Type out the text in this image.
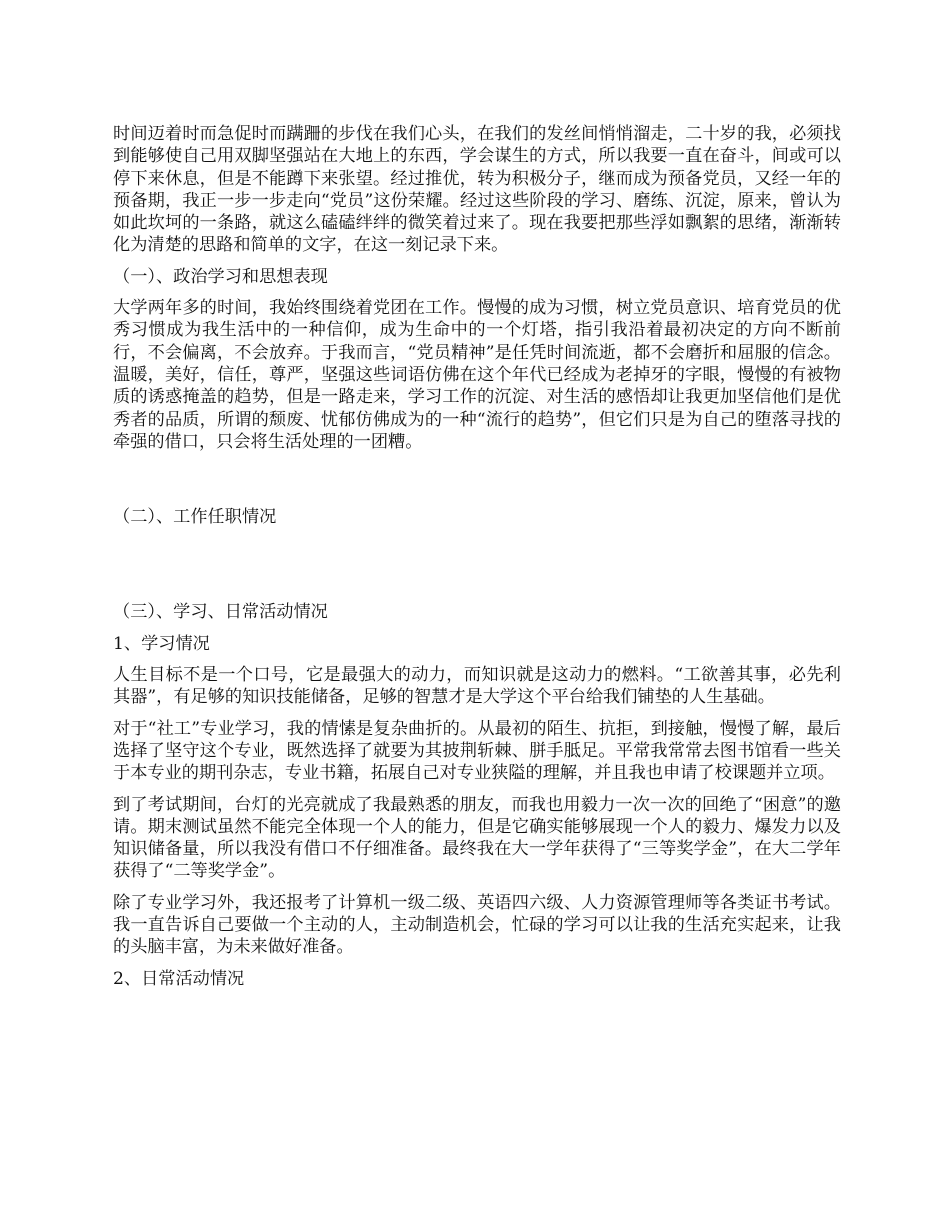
时间迈着时而急促时而蹒跚的步伐在我们心头，在我们的发丝间悄悄溜走，二十岁的我，必须找到能够使自己用双脚坚强站在大地上的东西，学会谋生的方式，所以我要一直在奋斗，间或可以停下来休息，但是不能蹲下来张望。经过推优，转为积极分子，继而成为预备党员，又经一年的预备期，我正一步一步走向“党员”这份荣耀。经过这些阶段的学习、磨练、沉淀，原来，曾认为如此坎坷的一条路，就这么磕磕绊绊的微笑着过来了。现在我要把那些浮如飘絮的思绪，渐渐转化为清楚的思路和简单的文字，在这一刻记录下来。

（一）、政治学习和思想表现

大学两年多的时间，我始终围绕着党团在工作。慢慢的成为习惯，树立党员意识、培育党员的优秀习惯成为我生活中的一种信仰，成为生命中的一个灯塔，指引我沿着最初决定的方向不断前行，不会偏离，不会放弃。于我而言，“党员精神”是任凭时间流逝，都不会磨折和屈服的信念。温暖，美好，信任，尊严，坚强这些词语仿佛在这个年代已经成为老掉牙的字眼，慢慢的有被物质的诱惑掩盖的趋势，但是一路走来，学习工作的沉淀、对生活的感悟却让我更加坚信他们是优秀者的品质，所谓的颓废、忧郁仿佛成为的一种“流行的趋势”，但它们只是为自己的堕落寻找的牵强的借口，只会将生活处理的一团糟。

（二）、工作任职情况

（三）、学习、日常活动情况

1、学习情况

人生目标不是一个口号，它是最强大的动力，而知识就是这动力的燃料。“工欲善其事，必先利其器”，有足够的知识技能储备，足够的智慧才是大学这个平台给我们铺垫的人生基础。

对于“社工”专业学习，我的情愫是复杂曲折的。从最初的陌生、抗拒，到接触，慢慢了解，最后选择了坚守这个专业，既然选择了就要为其披荆斩棘、胼手胝足。平常我常常去图书馆看一些关于本专业的期刊杂志，专业书籍，拓展自己对专业狭隘的理解，并且我也申请了校课题并立项。

到了考试期间，台灯的光亮就成了我最熟悉的朋友，而我也用毅力一次一次的回绝了“困意”的邀请。期末测试虽然不能完全体现一个人的能力，但是它确实能够展现一个人的毅力、爆发力以及知识储备量，所以我没有借口不仔细准备。最终我在大一学年获得了“三等奖学金”，在大二学年获得了“二等奖学金”。

除了专业学习外，我还报考了计算机一级二级、英语四六级、人力资源管理师等各类证书考试。我一直告诉自己要做一个主动的人，主动制造机会，忙碌的学习可以让我的生活充实起来，让我的头脑丰富，为未来做好准备。

2、日常活动情况
